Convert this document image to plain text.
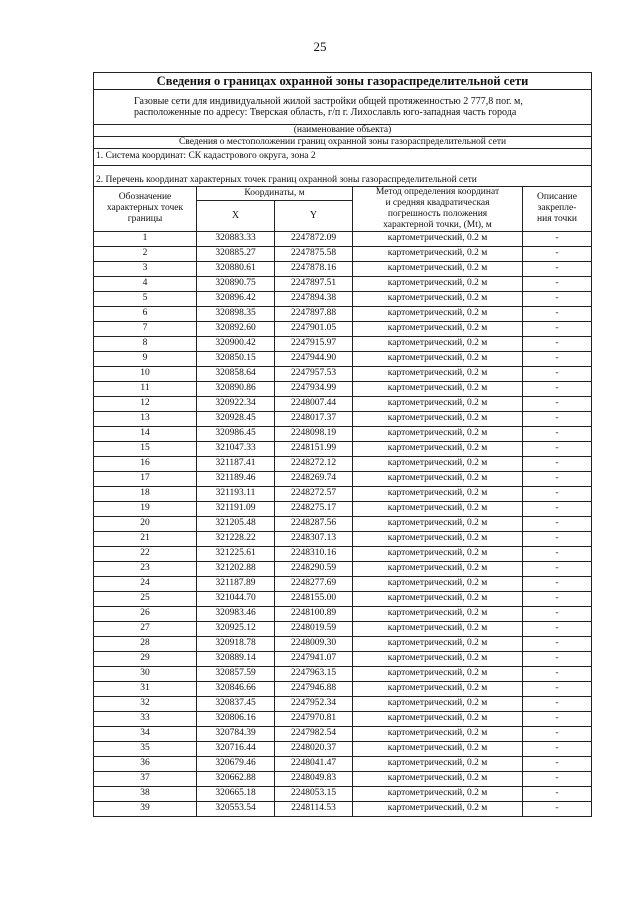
25
Сведения о границах охранной зоны газораспределительной сети				

Газовые сети для индивидуальной жилой застройки общей протяженностью 2 777,8 пог. м,
расположенные по адресу: Тверская область, г/п г. Лихославль юго-западная часть города				

(наименование объекта)				
Сведения о местоположении границ охранной зоны газораспределительной сети				
1. Система координат: СК кадастрового округа, зона 2				
2. Перечень координат характерных точек границ охранной зоны газораспределительной сети				

Обозначение
характерных точек
границы	Координаты, м		Метод определения координат
и средняя квадратическая
погрешность положения
характерной точки, (Mt), м	Описание
закрепле-
ния точки

	X	Y		
1	320883.33	2247872.09	картометрический, 0.2 м	-
2	320885.27	2247875.58	картометрический, 0.2 м	-
3	320880.61	2247878.16	картометрический, 0.2 м	-
4	320890.75	2247897.51	картометрический, 0.2 м	-
5	320896.42	2247894.38	картометрический, 0.2 м	-
6	320898.35	2247897.88	картометрический, 0.2 м	-
7	320892.60	2247901.05	картометрический, 0.2 м	-
8	320900.42	2247915.97	картометрический, 0.2 м	-
9	320850.15	2247944.90	картометрический, 0.2 м	-
10	320858.64	2247957.53	картометрический, 0.2 м	-
11	320890.86	2247934.99	картометрический, 0.2 м	-
12	320922.34	2248007.44	картометрический, 0.2 м	-
13	320928.45	2248017.37	картометрический, 0.2 м	-
14	320986.45	2248098.19	картометрический, 0.2 м	-
15	321047.33	2248151.99	картометрический, 0.2 м	-
16	321187.41	2248272.12	картометрический, 0.2 м	-
17	321189.46	2248269.74	картометрический, 0.2 м	-
18	321193.11	2248272.57	картометрический, 0.2 м	-
19	321191.09	2248275.17	картометрический, 0.2 м	-
20	321205.48	2248287.56	картометрический, 0.2 м	-
21	321228.22	2248307.13	картометрический, 0.2 м	-
22	321225.61	2248310.16	картометрический, 0.2 м	-
23	321202.88	2248290.59	картометрический, 0.2 м	-
24	321187.89	2248277.69	картометрический, 0.2 м	-
25	321044.70	2248155.00	картометрический, 0.2 м	-
26	320983.46	2248100.89	картометрический, 0.2 м	-
27	320925.12	2248019.59	картометрический, 0.2 м	-
28	320918.78	2248009.30	картометрический, 0.2 м	-
29	320889.14	2247941.07	картометрический, 0.2 м	-
30	320857.59	2247963.15	картометрический, 0.2 м	-
31	320846.66	2247946.88	картометрический, 0.2 м	-
32	320837.45	2247952.34	картометрический, 0.2 м	-
33	320806.16	2247970.81	картометрический, 0.2 м	-
34	320784.39	2247982.54	картометрический, 0.2 м	-
35	320716.44	2248020.37	картометрический, 0.2 м	-
36	320679.46	2248041.47	картометрический, 0.2 м	-
37	320662.88	2248049.83	картометрический, 0.2 м	-
38	320665.18	2248053.15	картометрический, 0.2 м	-
39	320553.54	2248114.53	картометрический, 0.2 м	-
